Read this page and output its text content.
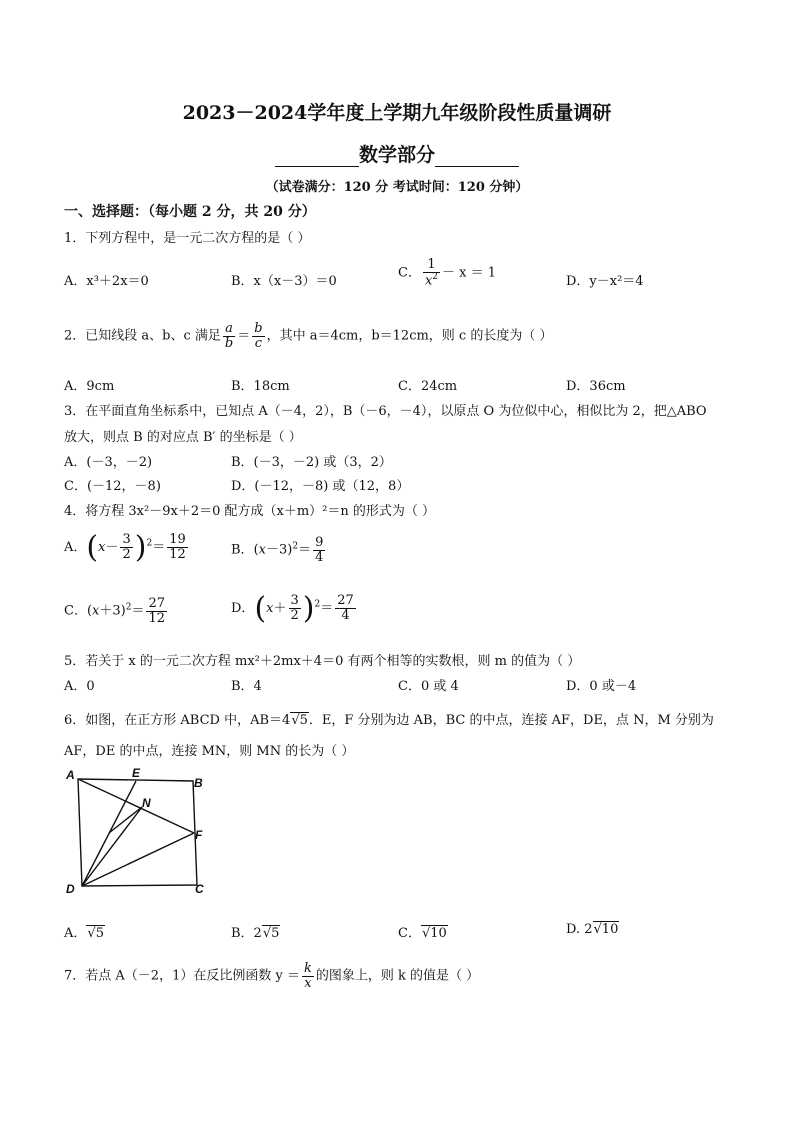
2023－2024学年度上学期九年级阶段性质量调研
数学部分
（试卷满分：120 分 考试时间：120 分钟）
一、选择题：（每小题 2 分，共 20 分）
1．下列方程中，是一元二次方程的是（ ）
A．x³＋2x＝0	B．x（x－3）＝0
C． $\frac{1}{x^2} - x = 1$
D．y－x²＝4
2．已知线段 a、b、c 满足 $\frac{a}{b} = \frac{b}{c}$ ，其中 a＝4cm，b＝12cm，则 c 的长度为（ ）
A．9cm	B．18cm	C．24cm	D．36cm
3．在平面直角坐标系中，已知点 A（－4，2），B（－6，－4），以原点 O 为位似中心，相似比为 2，把△ABO
放大，则点 B 的对应点 B′ 的坐标是（ ）
A．(－3，－2)	B．(－3，－2) 或（3，2）
C．(－12，－8)	D．(－12，－8) 或（12，8）
4．将方程 3x²－9x＋2＝0 配方成（x＋m）²＝n 的形式为（ ）
A．$(x- \frac{3}{2} )^2= \frac{19}{12}$	B．$(x-3)^2= \frac{9}{4}$
C．$(x+3)^2= \frac{27}{12}$	D．$(x+ \frac{3}{2} )^2= \frac{27}{4}$
5．若关于 x 的一元二次方程 mx²＋2mx＋4＝0 有两个相等的实数根，则 m 的值为（ ）
A．0	B．4	C．0 或 4	D．0 或－4
6．如图，在正方形 ABCD 中，AB＝4√5．E，F 分别为边 AB，BC 的中点，连接 AF，DE，点 N，M 分别为
AF，DE 的中点，连接 MN，则 MN 的长为（ ）
A	E
B
N
F
D	C
A．√5	B．2√5	C．√10	D. 2√10
7．若点 A（－2，1）在反比例函数 $y = \frac{k}{x}$ 的图象上，则 k 的值是（ ）
